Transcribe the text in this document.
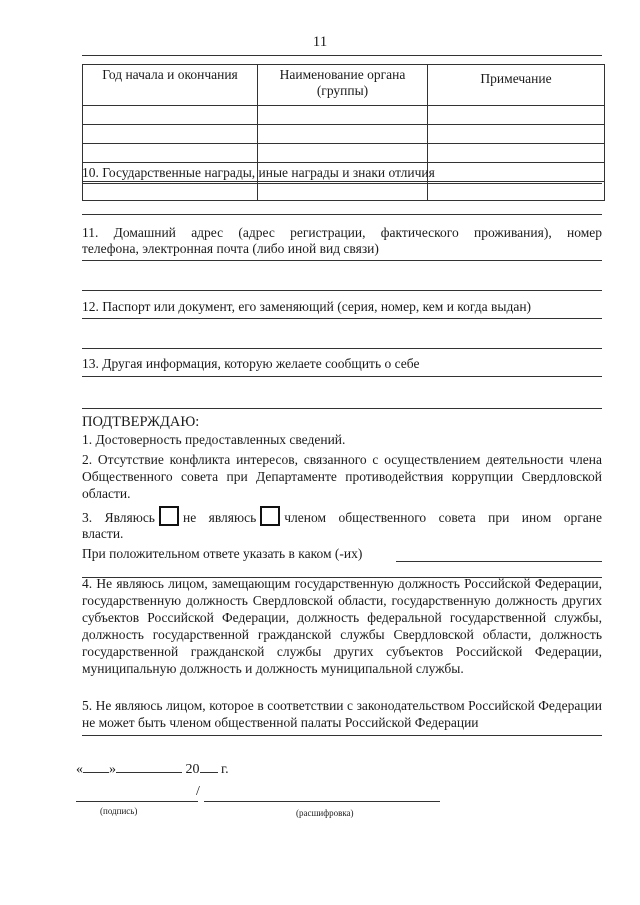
11
Год начала и окончания	Наименование органа (группы)	Примечание

10. Государственные награды, иные награды и знаки отличия
11. Домашний адрес (адрес регистрации, фактического проживания), номер
телефона, электронная почта (либо иной вид связи)
12. Паспорт или документ, его заменяющий (серия, номер, кем и когда выдан)
13. Другая информация, которую желаете сообщить о себе
ПОДТВЕРЖДАЮ:
1. Достоверность предоставленных сведений.
2. Отсутствие конфликта интересов, связанного с осуществлением деятельности члена Общественного совета при Департаменте противодействия коррупции Свердловской области.
3. Являюсь не являюсь членом общественного совета при ином органе
власти.
При положительном ответе указать в каком (-их)
4. Не являюсь лицом, замещающим государственную должность Российской Федерации, государственную должность Свердловской области, государственную должность других субъектов Российской Федерации, должность федеральной государственной службы, должность государственной гражданской службы Свердловской области, должность государственной гражданской службы других субъектов Российской Федерации, муниципальную должность и должность муниципальной службы.
5. Не являюсь лицом, которое в соответствии с законодательством Российской Федерации не может быть членом общественной палаты Российской Федерации
« »	20 г.
/
(подпись)	(расшифровка)
